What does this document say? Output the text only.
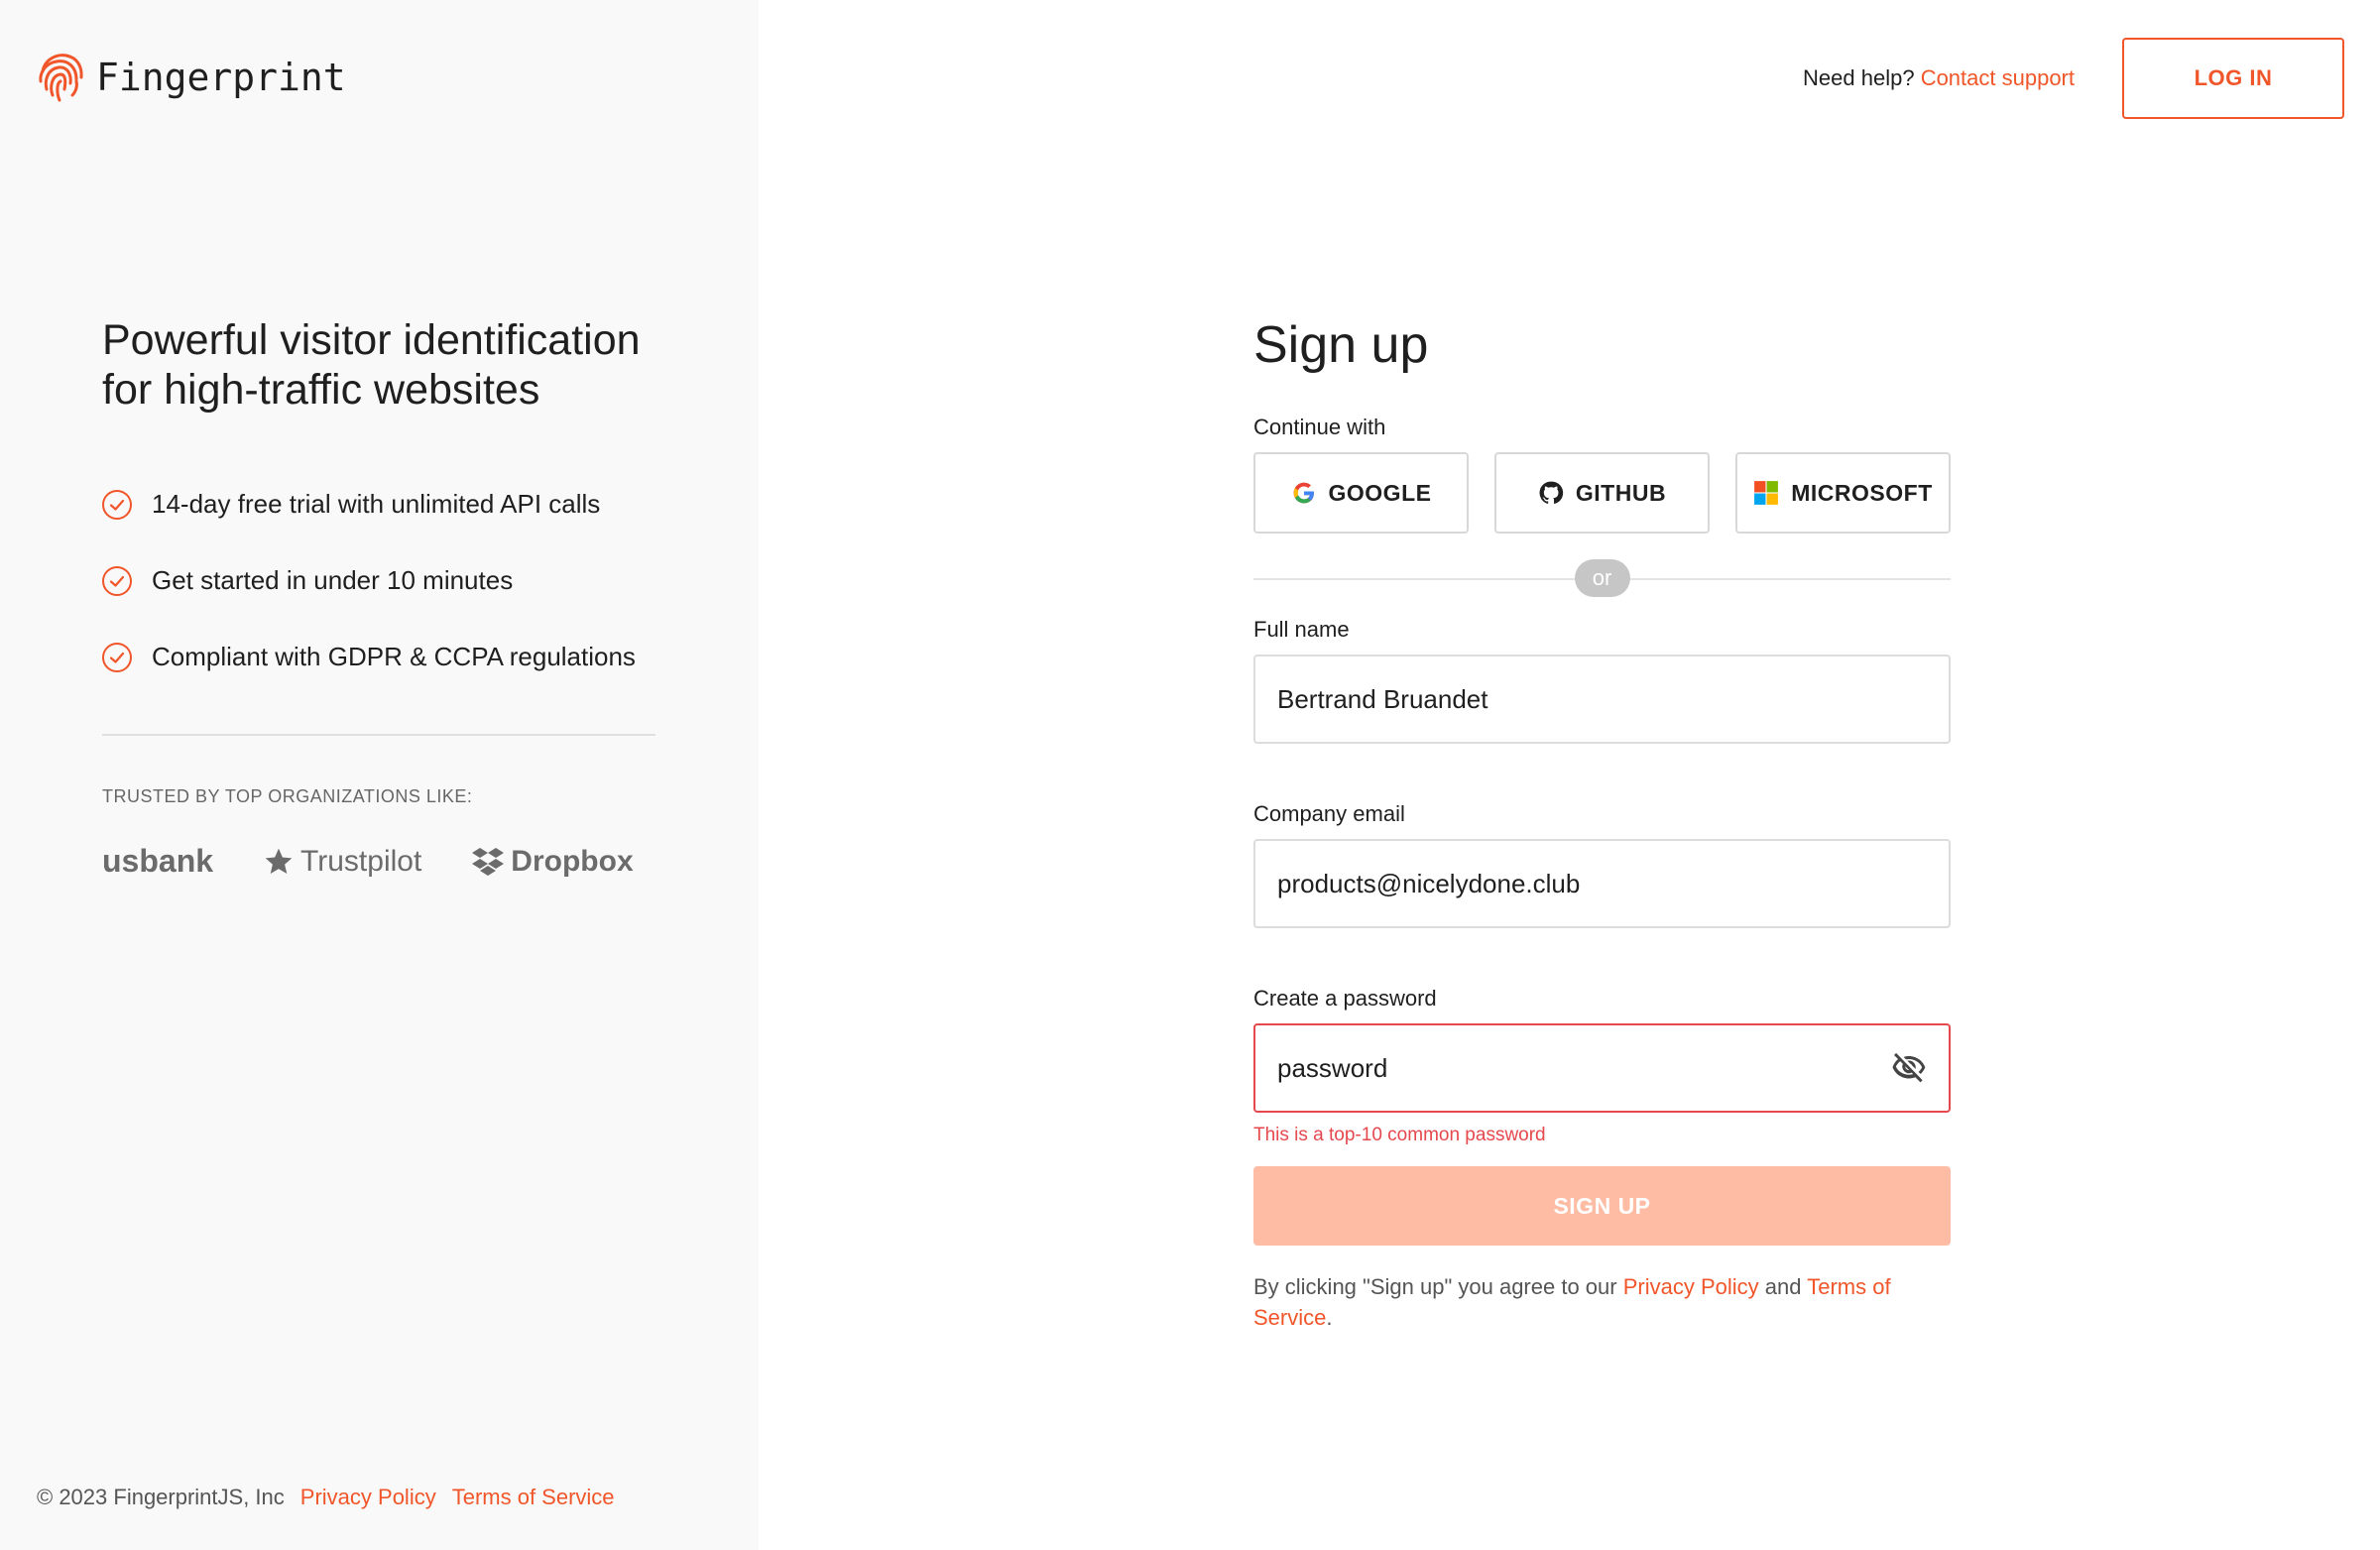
Fingerprint
Powerful visitor identification for high-traffic websites
14-day free trial with unlimited API calls
Get started in under 10 minutes
Compliant with GDPR & CCPA regulations
TRUSTED BY TOP ORGANIZATIONS LIKE:
usbank	Trustpilot	Dropbox
© 2023 FingerprintJS, Inc Privacy Policy Terms of Service
Need help? Contact support	LOG IN
Sign up
Continue with
GOOGLE	GITHUB	MICROSOFT
or
Full name
Bertrand Bruandet
Company email
products@nicelydone.club
Create a password
password
This is a top-10 common password
SIGN UP
By clicking "Sign up" you agree to our Privacy Policy and Terms of Service.
